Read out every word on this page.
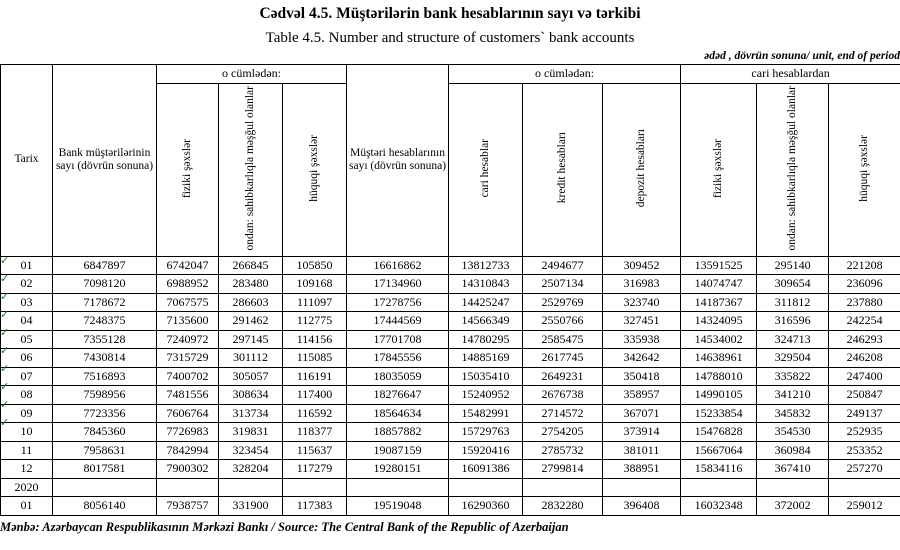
Cədvəl 4.5. Müştərilərin bank hesablarının sayı və tərkibi
Table 4.5. Number and structure of customers` bank accounts
ədəd , dövrün sonuna/ unit, end of period
Tarix	Bank müştərilərinin sayı (dövrün sonuna)	o cümlədən:			Müştəri hesablarının sayı (dövrün sonuna)	o cümlədən:			cari hesablardan		
		fiziki şəxslər	ondan: sahibkarlıqla məşğul olanlar	hüquqi şəxslər		cari hesablar	kredit hesabları	depozit hesabları	fiziki şəxslər	ondan: sahibkarlıqla məşğul olanlar	hüquqi şəxslər
01	6847897	6742047	266845	105850	16616862	13812733	2494677	309452	13591525	295140	221208
02	7098120	6988952	283480	109168	17134960	14310843	2507134	316983	14074747	309654	236096
03	7178672	7067575	286603	111097	17278756	14425247	2529769	323740	14187367	311812	237880
04	7248375	7135600	291462	112775	17444569	14566349	2550766	327451	14324095	316596	242254
05	7355128	7240972	297145	114156	17701708	14780295	2585475	335938	14534002	324713	246293
06	7430814	7315729	301112	115085	17845556	14885169	2617745	342642	14638961	329504	246208
07	7516893	7400702	305057	116191	18035059	15035410	2649231	350418	14788010	335822	247400
08	7598956	7481556	308634	117400	18276647	15240952	2676738	358957	14990105	341210	250847
09	7723356	7606764	313734	116592	18564634	15482991	2714572	367071	15233854	345832	249137
10	7845360	7726983	319831	118377	18857882	15729763	2754205	373914	15476828	354530	252935
11	7958631	7842994	323454	115637	19087159	15920416	2785732	381011	15667064	360984	253352
12	8017581	7900302	328204	117279	19280151	16091386	2799814	388951	15834116	367410	257270
2020											
01	8056140	7938757	331900	117383	19519048	16290360	2832280	396408	16032348	372002	259012
Mənbə: Azərbaycan Respublikasının Mərkəzi Bankı / Source: The Central Bank of the Republic of Azerbaijan
✓
✓
✓
✓
✓
✓
✓
✓
✓
✓
